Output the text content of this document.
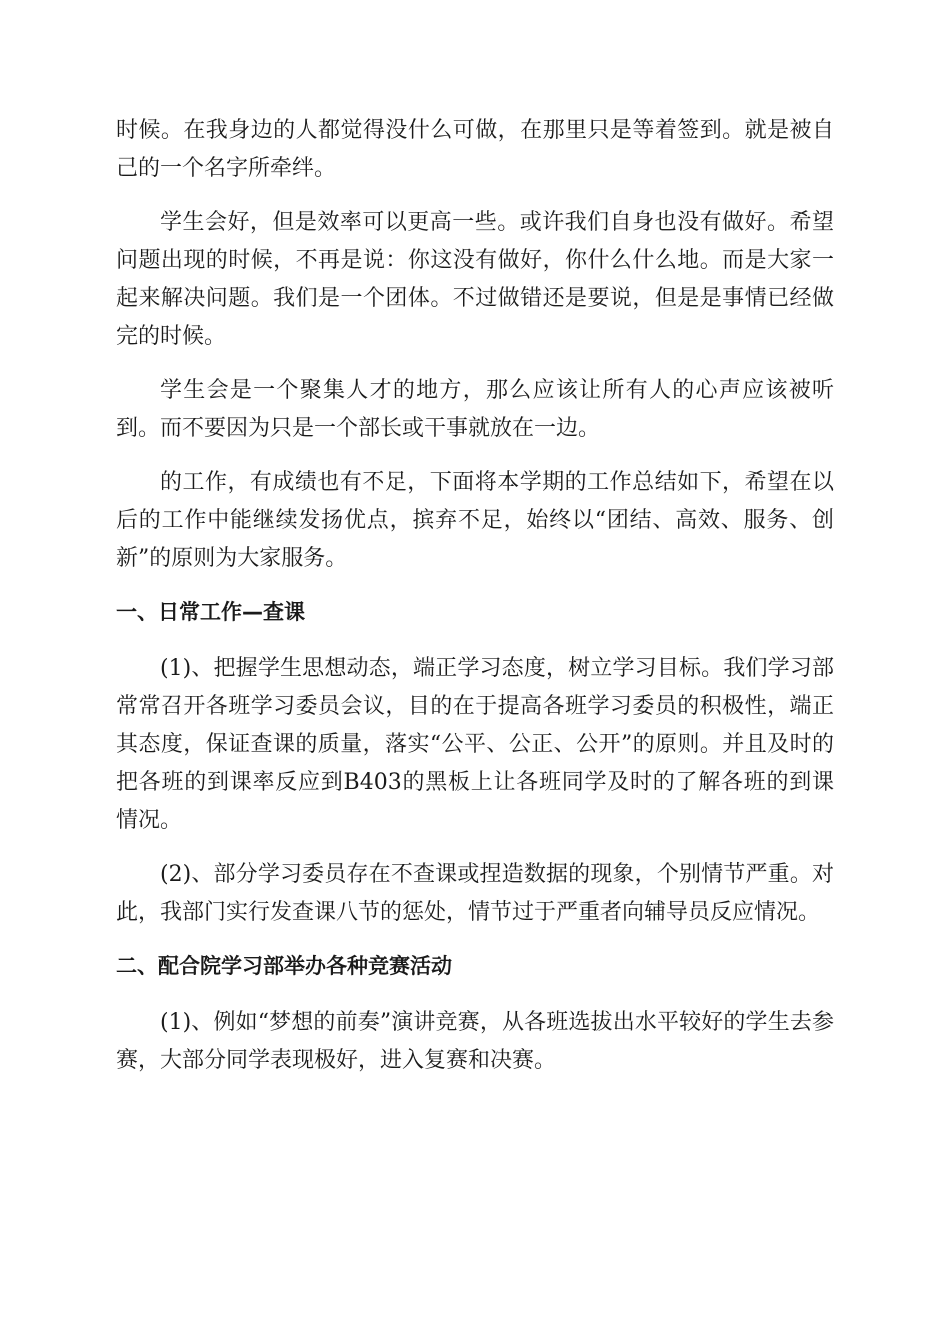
时候。在我身边的人都觉得没什么可做，在那里只是等着签到。就是被自己的一个名字所牵绊。

学生会好，但是效率可以更高一些。或许我们自身也没有做好。希望问题出现的时候，不再是说：你这没有做好，你什么什么地。而是大家一起来解决问题。我们是一个团体。不过做错还是要说，但是是事情已经做完的时候。

学生会是一个聚集人才的地方，那么应该让所有人的心声应该被听到。而不要因为只是一个部长或干事就放在一边。

的工作，有成绩也有不足，下面将本学期的工作总结如下，希望在以后的工作中能继续发扬优点，摈弃不足，始终以“团结、高效、服务、创新”的原则为大家服务。

一、日常工作—查课

(1)、把握学生思想动态，端正学习态度，树立学习目标。我们学习部常常召开各班学习委员会议，目的在于提高各班学习委员的积极性，端正其态度，保证查课的质量，落实“公平、公正、公开”的原则。并且及时的把各班的到课率反应到B403的黑板上让各班同学及时的了解各班的到课情况。

(2)、部分学习委员存在不查课或捏造数据的现象，个别情节严重。对此，我部门实行发查课八节的惩处，情节过于严重者向辅导员反应情况。

二、配合院学习部举办各种竞赛活动

(1)、例如“梦想的前奏”演讲竞赛，从各班选拔出水平较好的学生去参赛，大部分同学表现极好，进入复赛和决赛。
